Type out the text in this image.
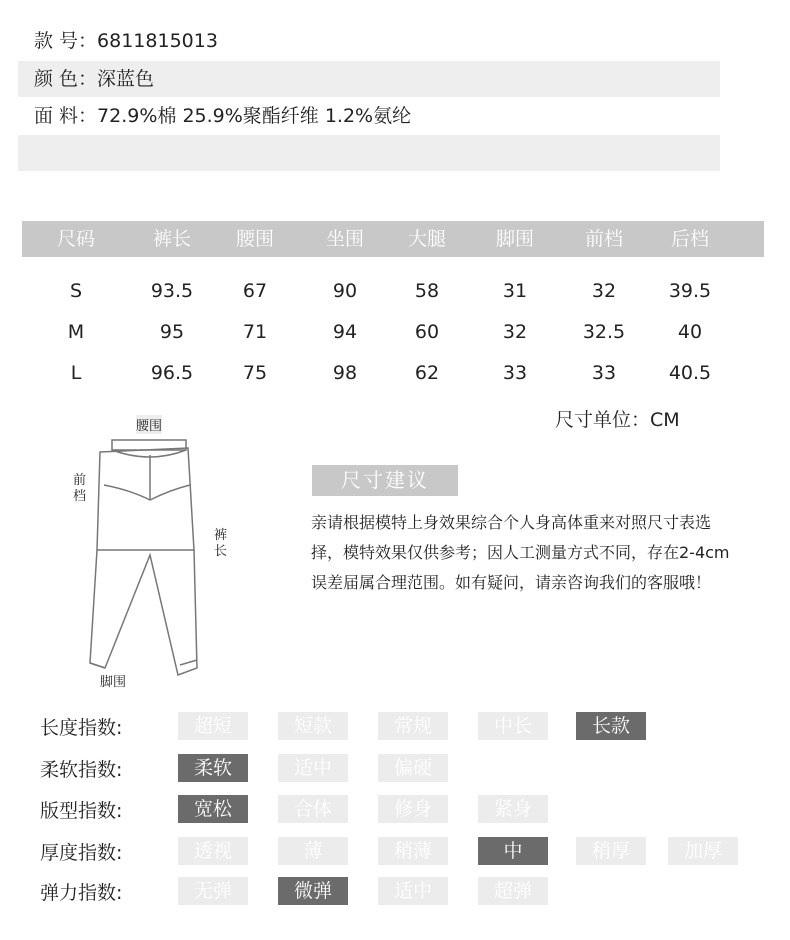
款 号：6811815013
颜 色：深蓝色
面 料：72.9%棉 25.9%聚酯纤维 1.2%氨纶
尺码	裤长	腰围	坐围	大腿	脚围	前档	后档
S	93.5	67	90	58	31	32	39.5
M	95	71	94	60	32	32.5	40
L	96.5	75	98	62	33	33	40.5
尺寸单位：CM
腰围
前档
裤长
脚围
尺寸建议
亲请根据模特上身效果综合个人身高体重来对照尺寸表选择，模特效果仅供参考；因人工测量方式不同，存在2-4cm误差届属合理范围。如有疑问，请亲咨询我们的客服哦！
长度指数:	超短	短款	常规	中长	长款
柔软指数:	柔软	适中	偏硬
版型指数:	宽松	合体	修身	紧身
厚度指数:	透视	薄	稍薄	中	稍厚	加厚
弹力指数:	无弹	微弹	适中	超弹
